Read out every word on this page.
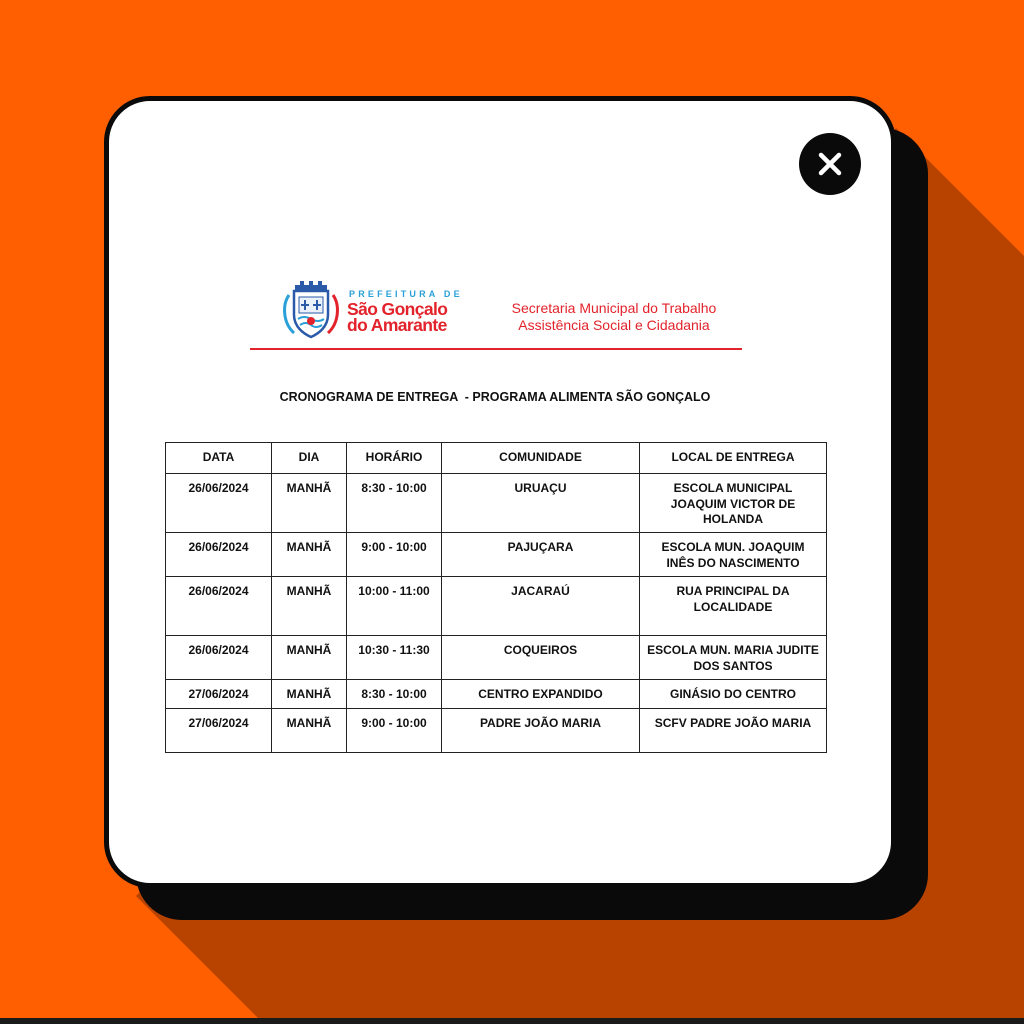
PREFEITURA DE
São Gonçalo
do Amarante
Secretaria Municipal do Trabalho
Assistência Social e Cidadania
CRONOGRAMA DE ENTREGA  - PROGRAMA ALIMENTA SÃO GONÇALO
DATA	DIA	HORÁRIO	COMUNIDADE	LOCAL DE ENTREGA
26/06/2024	MANHÃ	8:30 - 10:00	URUAÇU	ESCOLA MUNICIPAL JOAQUIM VICTOR DE HOLANDA
26/06/2024	MANHÃ	9:00 - 10:00	PAJUÇARA	ESCOLA MUN. JOAQUIM INÊS DO NASCIMENTO
26/06/2024	MANHÃ	10:00 - 11:00	JACARAÚ	RUA PRINCIPAL DA LOCALIDADE
26/06/2024	MANHÃ	10:30 - 11:30	COQUEIROS	ESCOLA MUN. MARIA JUDITE DOS SANTOS
27/06/2024	MANHÃ	8:30 - 10:00	CENTRO EXPANDIDO	GINÁSIO DO CENTRO
27/06/2024	MANHÃ	9:00 - 10:00	PADRE JOÃO MARIA	SCFV PADRE JOÃO MARIA
